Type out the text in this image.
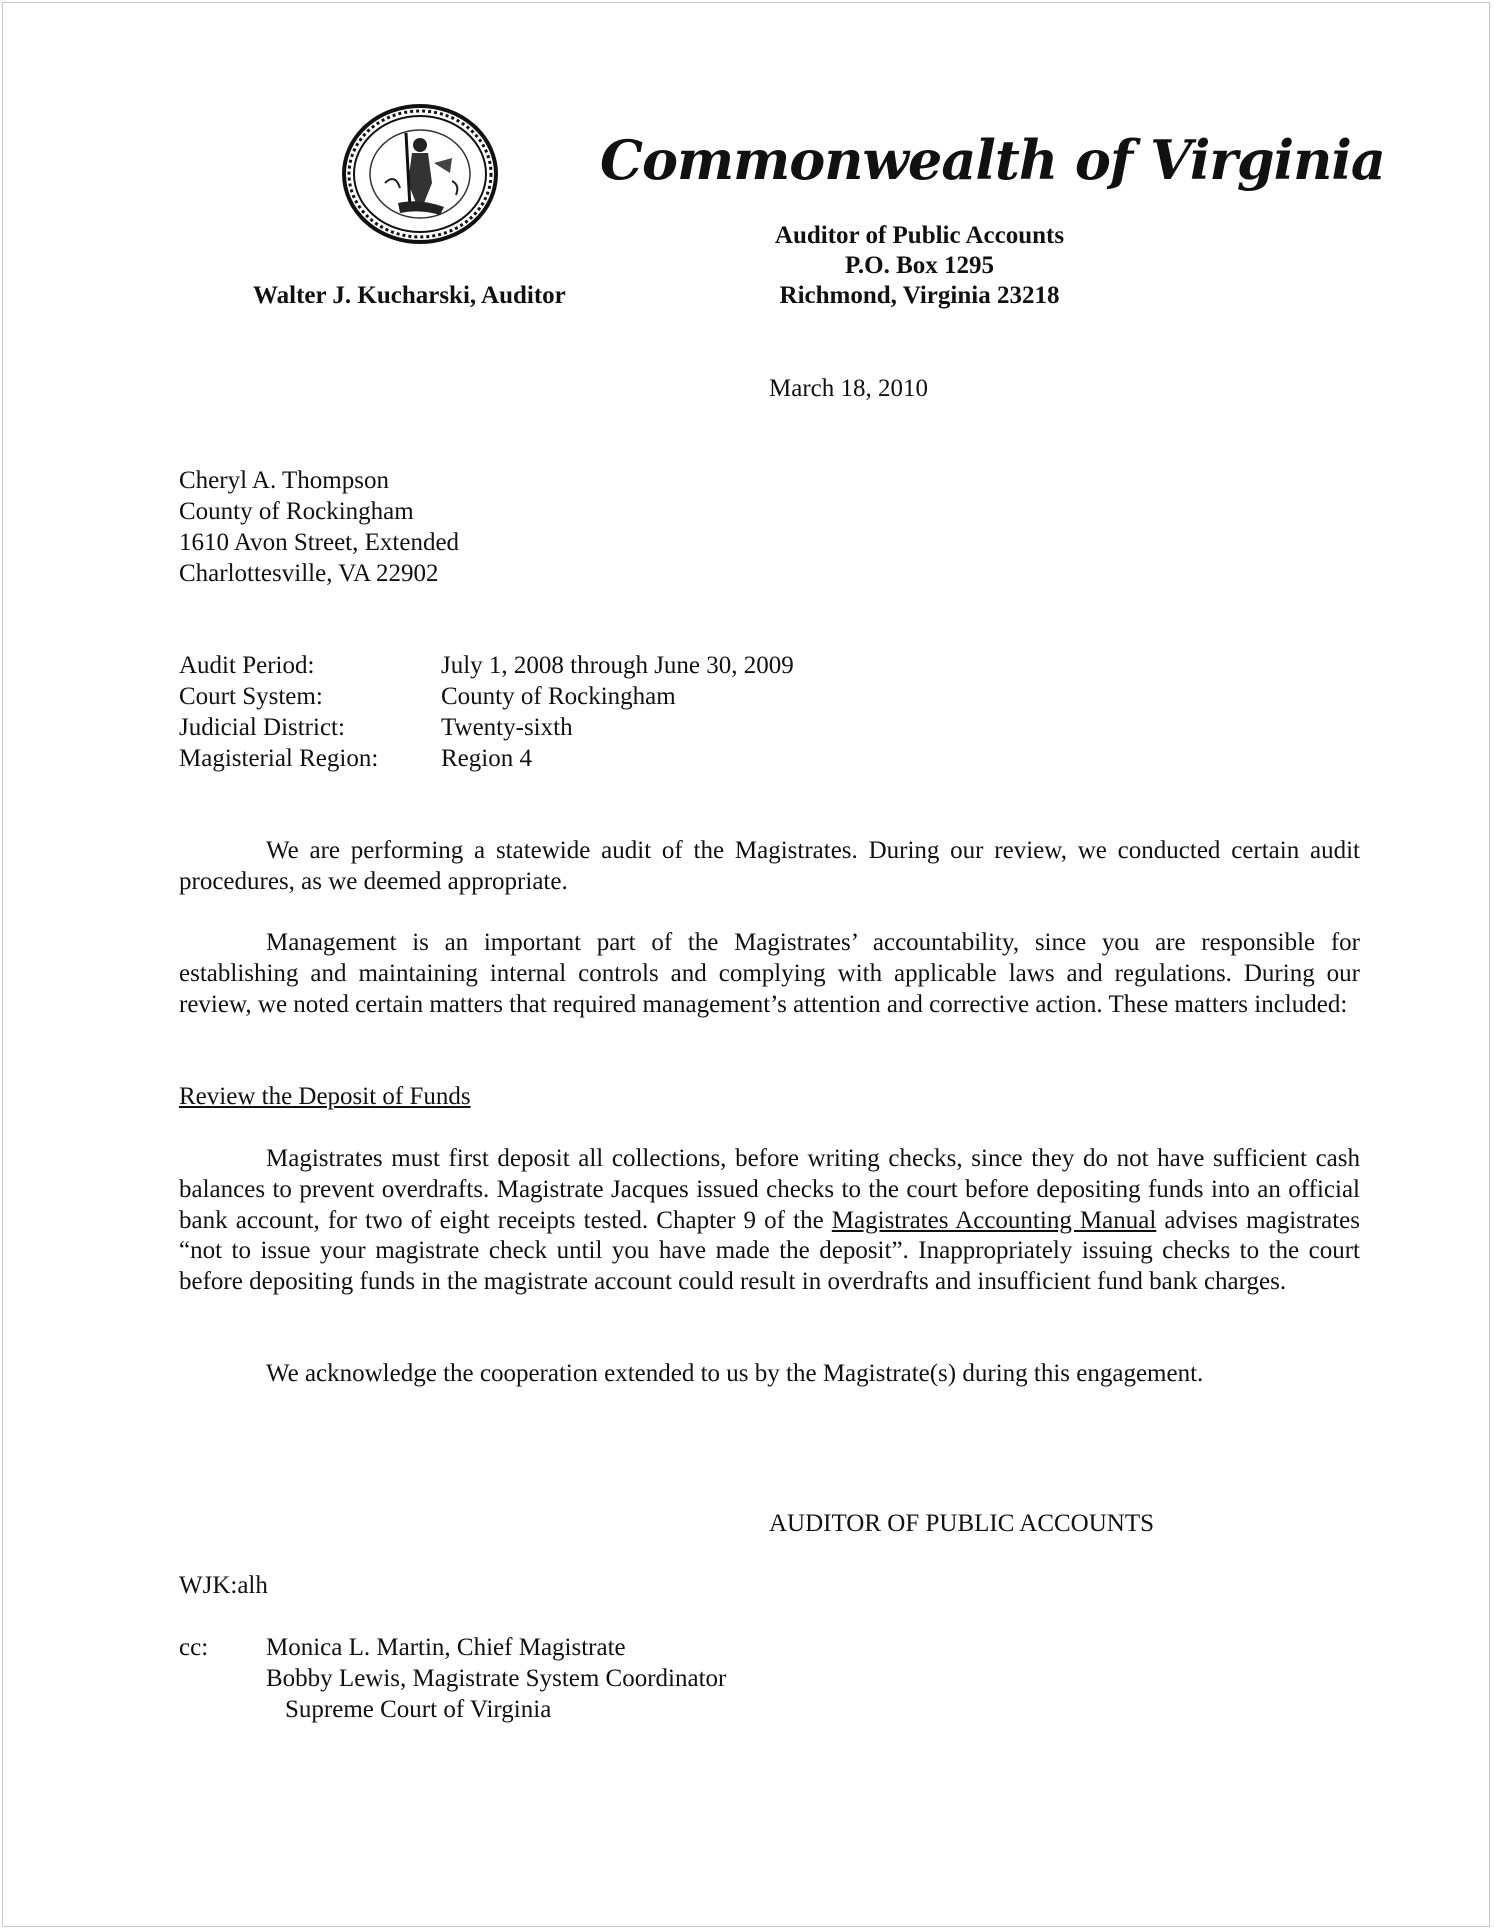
Commonwealth of Virginia
Auditor of Public Accounts
P.O. Box 1295
Richmond, Virginia 23218
Walter J. Kucharski, Auditor
March 18, 2010
Cheryl A. Thompson
County of Rockingham
1610 Avon Street, Extended
Charlottesville, VA 22902
Audit Period:	July 1, 2008 through June 30, 2009
Court System:	County of Rockingham
Judicial District:	Twenty-sixth
Magisterial Region:	Region 4
We are performing a statewide audit of the Magistrates. During our review, we conducted certain audit procedures, as we deemed appropriate.
Management is an important part of the Magistrates’ accountability, since you are responsible for establishing and maintaining internal controls and complying with applicable laws and regulations. During our review, we noted certain matters that required management’s attention and corrective action. These matters included:
Review the Deposit of Funds
Magistrates must first deposit all collections, before writing checks, since they do not have sufficient cash balances to prevent overdrafts. Magistrate Jacques issued checks to the court before depositing funds into an official bank account, for two of eight receipts tested. Chapter 9 of the Magistrates Accounting Manual advises magistrates “not to issue your magistrate check until you have made the deposit”. Inappropriately issuing checks to the court before depositing funds in the magistrate account could result in overdrafts and insufficient fund bank charges.
We acknowledge the cooperation extended to us by the Magistrate(s) during this engagement.
AUDITOR OF PUBLIC ACCOUNTS
WJK:alh
cc: Monica L. Martin, Chief Magistrate
Bobby Lewis, Magistrate System Coordinator
Supreme Court of Virginia
